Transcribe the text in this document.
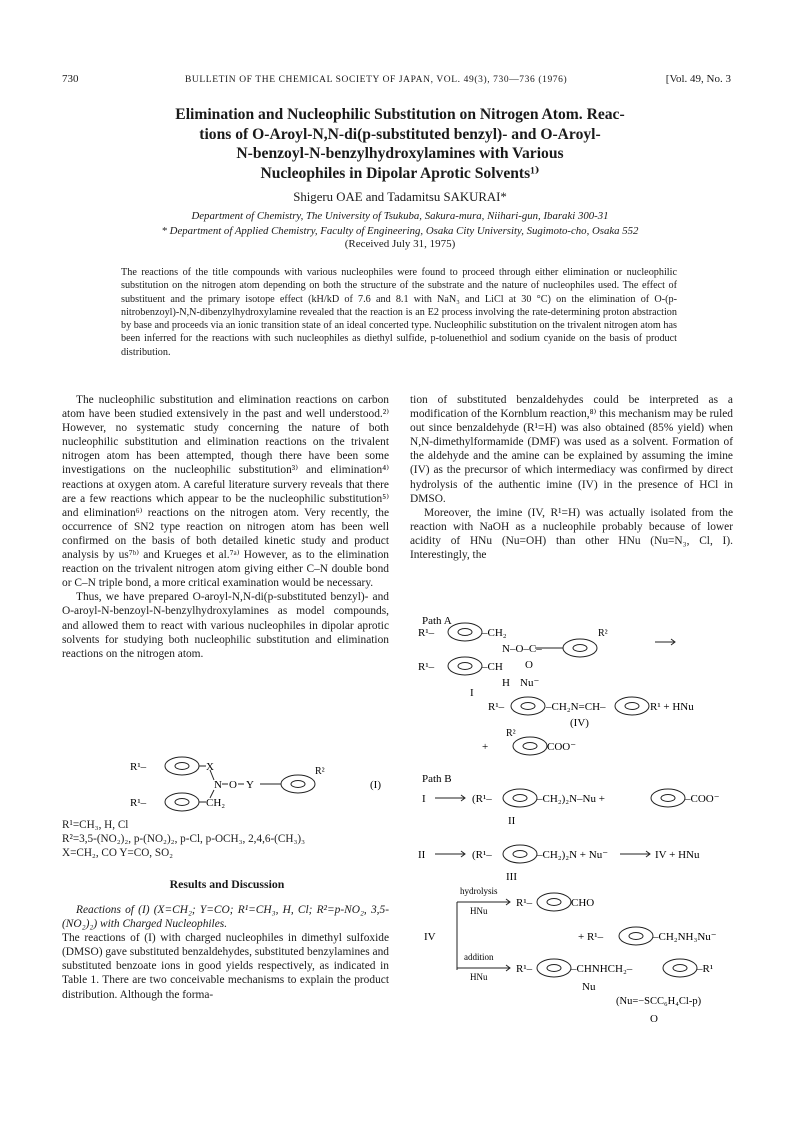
730	BULLETIN OF THE CHEMICAL SOCIETY OF JAPAN, VOL. 49(3), 730—736 (1976)	[Vol. 49, No. 3
Elimination and Nucleophilic Substitution on Nitrogen Atom. Reac-
tions of O-Aroyl-N,N-di(p-substituted benzyl)- and O-Aroyl-
N-benzoyl-N-benzylhydroxylamines with Various
Nucleophiles in Dipolar Aprotic Solvents¹⁾
Shigeru OAE and Tadamitsu SAKURAI*
Department of Chemistry, The University of Tsukuba, Sakura-mura, Niihari-gun, Ibaraki 300-31
* Department of Applied Chemistry, Faculty of Engineering, Osaka City University, Sugimoto-cho, Osaka 552
(Received July 31, 1975)
The reactions of the title compounds with various nucleophiles were found to proceed through either elimination or nucleophilic substitution on the nitrogen atom depending on both the structure of the substrate and the nature of nucleophiles used. The effect of substituent and the primary isotope effect (kH/kD of 7.6 and 8.1 with NaN₃ and LiCl at 30 °C) on the elimination of O-(p-nitrobenzoyl)-N,N-dibenzylhydroxylamine revealed that the reaction is an E2 process involving the rate-determining proton abstraction by base and proceeds via an ionic transition state of an ideal concerted type. Nucleophilic substitution on the trivalent nitrogen atom has been inferred for the reactions with such nucleophiles as diethyl sulfide, p-toluenethiol and sodium cyanide on the basis of product distribution.

The nucleophilic substitution and elimination reactions on carbon atom have been studied extensively in the past and well understood.²⁾ However, no systematic study concerning the nature of both nucleophilic substitution and elimination reactions on the trivalent nitrogen atom has been attempted, though there have been some investigations on the nucleophilic substitution³⁾ and elimination⁴⁾ reactions at oxygen atom. A careful literature survery reveals that there are a few reactions which appear to be the nucleophilic substitution⁵⁾ and elimination⁶⁾ reactions on the nitrogen atom. Very recently, the occurrence of SN2 type reaction on nitrogen atom has been well confirmed on the basis of both detailed kinetic study and product analysis by us⁷ᵇ⁾ and Krueges et al.⁷ᵃ⁾ However, as to the elimination reaction on the trivalent nitrogen atom giving either C–N double bond or C–N triple bond, a more critical examination would be necessary.

Thus, we have prepared O-aroyl-N,N-di(p-substituted benzyl)- and O-aroyl-N-benzoyl-N-benzylhydroxylamines as model compounds, and allowed them to react with various nucleophiles in dipolar aprotic solvents for studying both nucleophilic substitution and elimination reactions on the nitrogen atom.

R¹–
R¹–
X
N O Y
R²
CH₂
(I)
R¹=CH₃, H, Cl
R²=3,5-(NO₂)₂, p-(NO₂)₂, p-Cl, p-OCH₃, 2,4,6-(CH₃)₃
X=CH₂, CO Y=CO, SO₂
Results and Discussion
Reactions of (I) (X=CH₂; Y=CO; R¹=CH₃, H, Cl; R²=p-NO₂, 3,5-(NO₂)₂) with Charged Nucleophiles.
The reactions of (I) with charged nucleophiles in dimethyl sulfoxide (DMSO) gave substituted benzaldehydes, substituted benzylamines and substituted benzoate ions in good yields respectively, as indicated in Table 1. There are two conceivable mechanisms to explain the product distribution. Although the forma-

tion of substituted benzaldehydes could be interpreted as a modification of the Kornblum reaction,⁸⁾ this mechanism may be ruled out since benzaldehyde (R¹=H) was also obtained (85% yield) when N,N-dimethylformamide (DMF) was used as a solvent. Formation of the aldehyde and the amine can be explained by assuming the imine (IV) as the precursor of which intermediacy was confirmed by direct hydrolysis of the authentic imine (IV) in the presence of HCl in DMSO.

Moreover, the imine (IV, R¹=H) was actually isolated from the reaction with NaOH as a nucleophile probably because of lower acidity of HNu (Nu=OH) than other HNu (Nu=N₃, Cl, I). Interestingly, the

Path A
R¹–	–CH₂
N–O–C–
R²
R¹–	–CH O
H Nu⁻
I
R¹–	–CH₂N=CH–	R¹ + HNu
(IV)
+
R²
COO⁻
Path B
I	(R¹–	–CH₂)₂N–Nu +	–COO⁻
II
II	(R¹–	–CH₂)₂N + Nu⁻	IV + HNu
III
hydrolysis
HNu
R¹–	CHO
IV	+ R¹–	–CH₂NH₃Nu⁻
addition
HNu
R¹–	–CHNHCH₂–	–R¹
Nu
(Nu=−SCC₆H₄Cl-p)
O
